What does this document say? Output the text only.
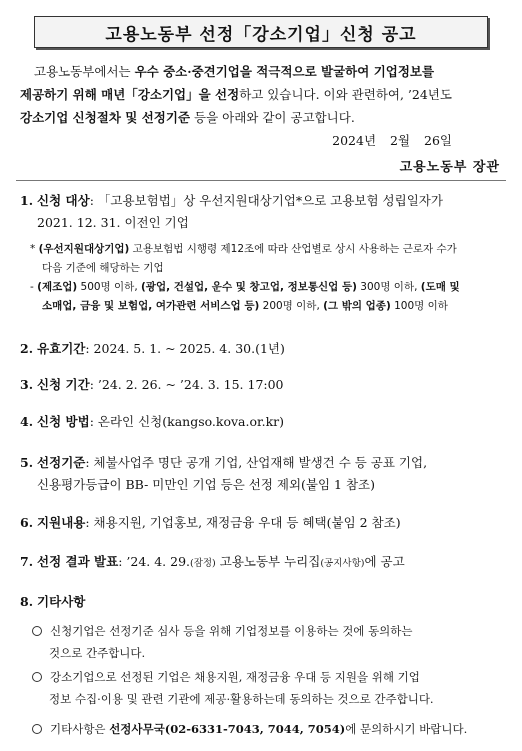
고용노동부 선정「강소기업」신청 공고
고용노동부에서는 우수 중소·중견기업을 적극적으로 발굴하여 기업정보를
제공하기 위해 매년「강소기업」을 선정하고 있습니다. 이와 관련하여, ’24년도
강소기업 신청절차 및 선정기준 등을 아래와 같이 공고합니다.
2024년 2월 26일
고용노동부 장관
1. 신청 대상: 「고용보험법」상 우선지원대상기업*으로 고용보험 성립일자가
2021. 12. 31. 이전인 기업
* (우선지원대상기업) 고용보험법 시행령 제12조에 따라 산업별로 상시 사용하는 근로자 수가
다음 기준에 해당하는 기업
- (제조업) 500명 이하, (광업, 건설업, 운수 및 창고업, 정보통신업 등) 300명 이하, (도매 및
소매업, 금융 및 보험업, 여가관련 서비스업 등) 200명 이하, (그 밖의 업종) 100명 이하
2. 유효기간: 2024. 5. 1. ~ 2025. 4. 30.(1년)
3. 신청 기간: ’24. 2. 26. ~ ’24. 3. 15. 17:00
4. 신청 방법: 온라인 신청(kangso.kova.or.kr)
5. 선정기준: 체불사업주 명단 공개 기업, 산업재해 발생건 수 등 공표 기업,
신용평가등급이 BB- 미만인 기업 등은 선정 제외(붙임 1 참조)
6. 지원내용: 채용지원, 기업홍보, 재정금융 우대 등 혜택(붙임 2 참조)
7. 선정 결과 발표: ’24. 4. 29.(잠정) 고용노동부 누리집(공지사항)에 공고
8. 기타사항
신청기업은 선정기준 심사 등을 위해 기업정보를 이용하는 것에 동의하는
것으로 간주합니다.
강소기업으로 선정된 기업은 채용지원, 재정금융 우대 등 지원을 위해 기업
정보 수집·이용 및 관련 기관에 제공·활용하는데 동의하는 것으로 간주합니다.
기타사항은 선정사무국(02-6331-7043, 7044, 7054)에 문의하시기 바랍니다.
